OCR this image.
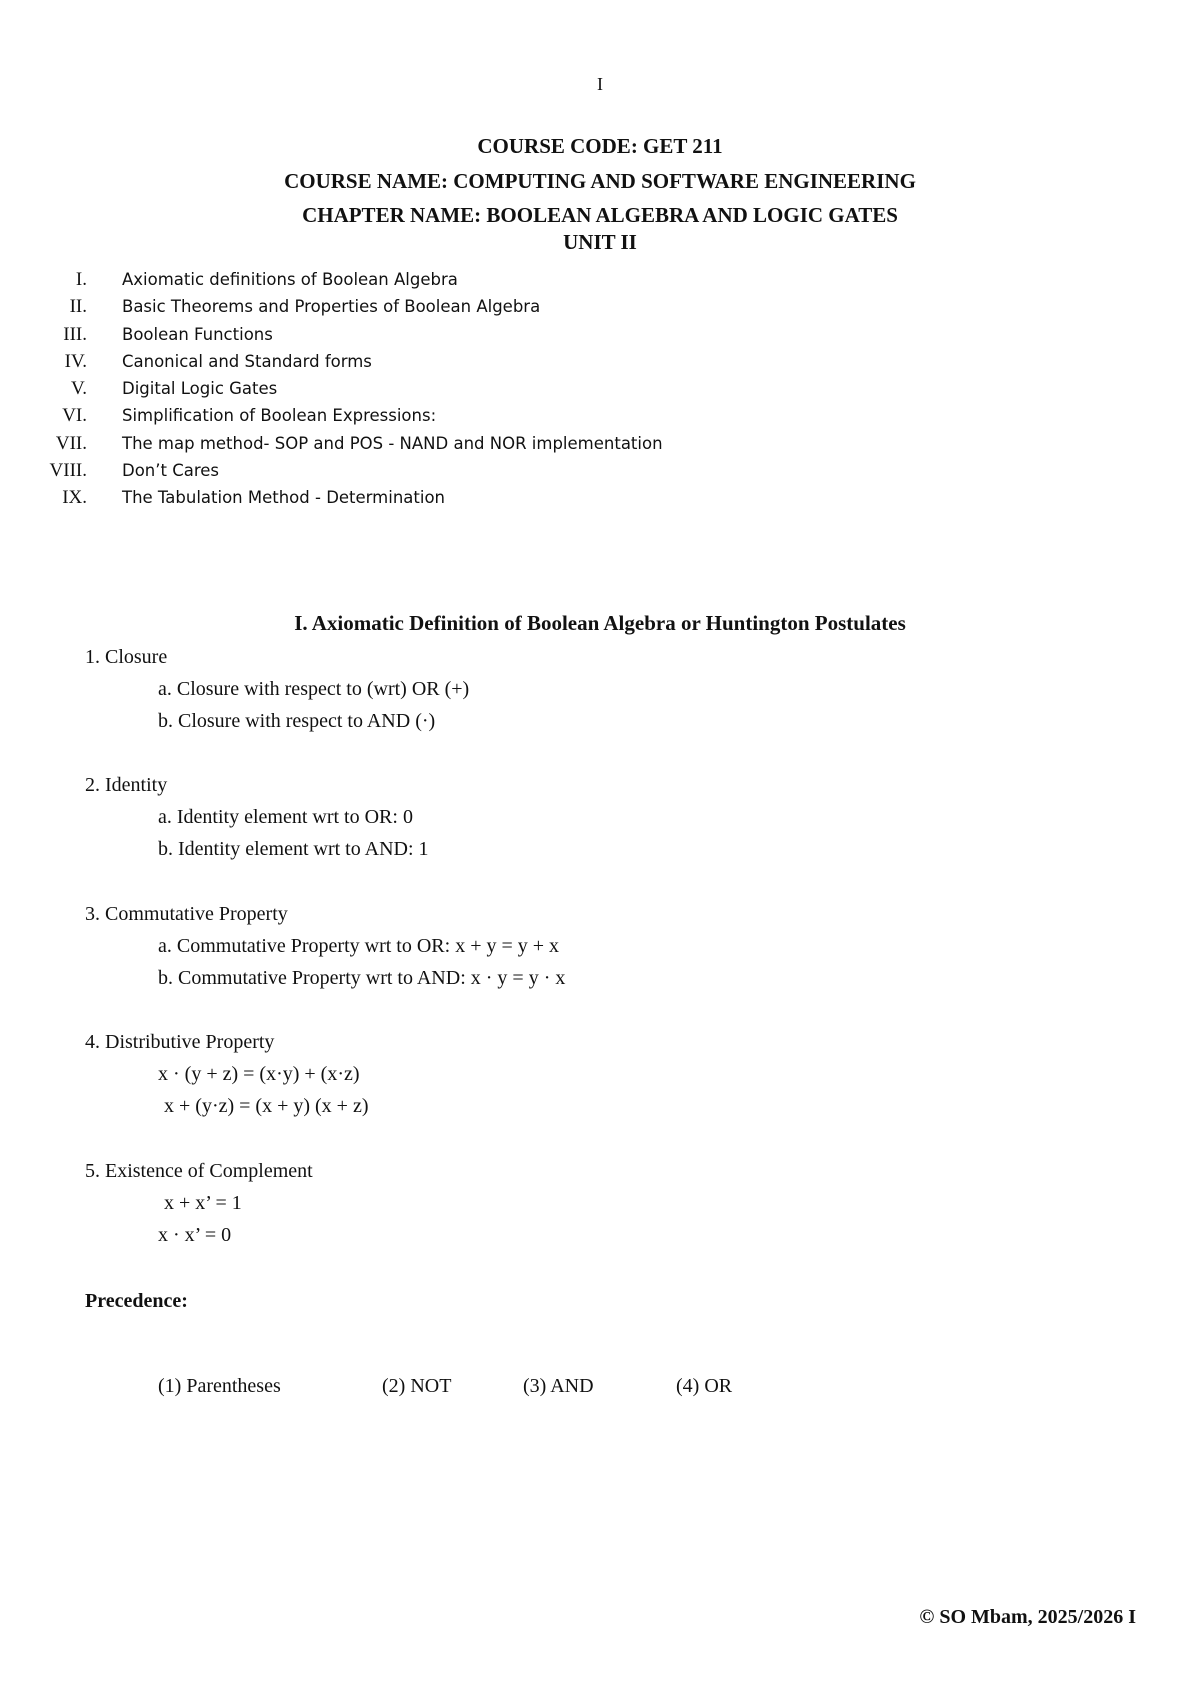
I
COURSE CODE: GET 211
COURSE NAME: COMPUTING AND SOFTWARE ENGINEERING
CHAPTER NAME: BOOLEAN ALGEBRA AND LOGIC GATES
UNIT II
I. Axiomatic definitions of Boolean Algebra
II. Basic Theorems and Properties of Boolean Algebra
III. Boolean Functions
IV. Canonical and Standard forms
V. Digital Logic Gates
VI. Simplification of Boolean Expressions:
VII. The map method- SOP and POS - NAND and NOR implementation
VIII. Don’t Cares
IX. The Tabulation Method - Determination
I. Axiomatic Definition of Boolean Algebra or Huntington Postulates
1. Closure
a. Closure with respect to (wrt) OR (+)
b. Closure with respect to AND (·)
2. Identity
a. Identity element wrt to OR: 0
b. Identity element wrt to AND: 1
3. Commutative Property
a. Commutative Property wrt to OR: x + y = y + x
b. Commutative Property wrt to AND: x · y = y · x
4. Distributive Property
x · (y + z) = (x·y) + (x·z)
x + (y·z) = (x + y) (x + z)
5. Existence of Complement
x + x’ = 1
x · x’ = 0
Precedence:
(1) Parentheses	(2) NOT	(3) AND	(4) OR
© SO Mbam, 2025/2026 I
